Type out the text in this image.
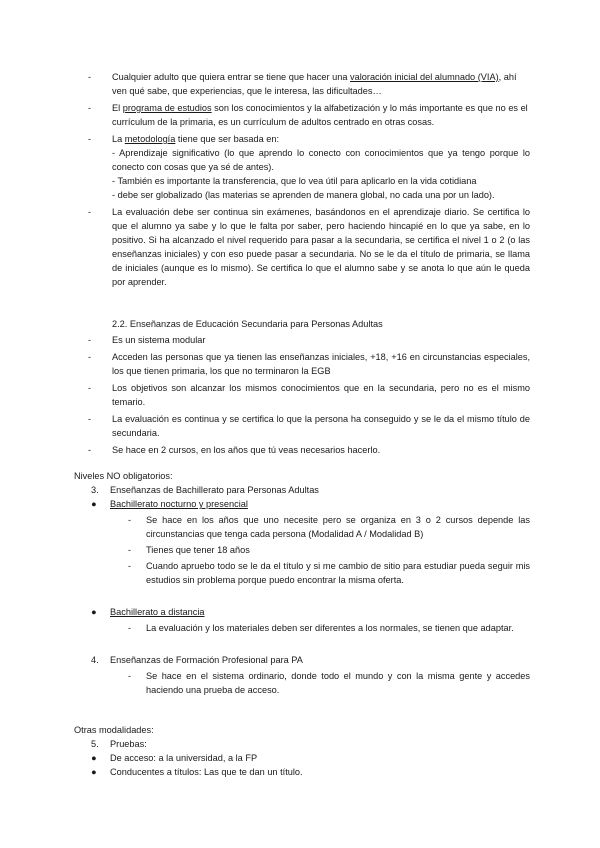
- Cualquier adulto que quiera entrar se tiene que hacer una valoración inicial del alumnado (VIA), ahí ven qué sabe, que experiencias, que le interesa, las dificultades…
- El programa de estudios son los conocimientos y la alfabetización y lo más importante es que no es el currículum de la primaria, es un currículum de adultos centrado en otras cosas.
- La metodología tiene que ser basada en:
- Aprendizaje significativo (lo que aprendo lo conecto con conocimientos que ya tengo porque lo conecto con cosas que ya sé de antes).
- También es importante la transferencia, que lo vea útil para aplicarlo en la vida cotidiana
- debe ser globalizado (las materias se aprenden de manera global, no cada una por un lado).
- La evaluación debe ser continua sin exámenes, basándonos en el aprendizaje diario. Se certifica lo que el alumno ya sabe y lo que le falta por saber, pero haciendo hincapié en lo que ya sabe, en lo positivo. Si ha alcanzado el nivel requerido para pasar a la secundaria, se certifica el nivel 1 o 2 (o las enseñanzas iniciales) y con eso puede pasar a secundaria. No se le da el título de primaria, se llama de iniciales (aunque es lo mismo). Se certifica lo que el alumno sabe y se anota lo que aún le queda por aprender.
2.2. Enseñanzas de Educación Secundaria para Personas Adultas
- Es un sistema modular
- Acceden las personas que ya tienen las enseñanzas iniciales, +18, +16 en circunstancias especiales, los que tienen primaria, los que no terminaron la EGB
- Los objetivos son alcanzar los mismos conocimientos que en la secundaria, pero no es el mismo temario.
- La evaluación es continua y se certifica lo que la persona ha conseguido y se le da el mismo título de secundaria.
- Se hace en 2 cursos, en los años que tú veas necesarios hacerlo.
Niveles NO obligatorios:
3. Enseñanzas de Bachillerato para Personas Adultas
● Bachillerato nocturno y presencial
- Se hace en los años que uno necesite pero se organiza en 3 o 2 cursos depende las circunstancias que tenga cada persona (Modalidad A / Modalidad B)
- Tienes que tener 18 años
- Cuando apruebo todo se le da el título y si me cambio de sitio para estudiar pueda seguir mis estudios sin problema porque puedo encontrar la misma oferta.
● Bachillerato a distancia
- La evaluación y los materiales deben ser diferentes a los normales, se tienen que adaptar.
4. Enseñanzas de Formación Profesional para PA
- Se hace en el sistema ordinario, donde todo el mundo y con la misma gente y accedes haciendo una prueba de acceso.
Otras modalidades:
5. Pruebas:
● De acceso: a la universidad, a la FP
● Conducentes a títulos: Las que te dan un título.
